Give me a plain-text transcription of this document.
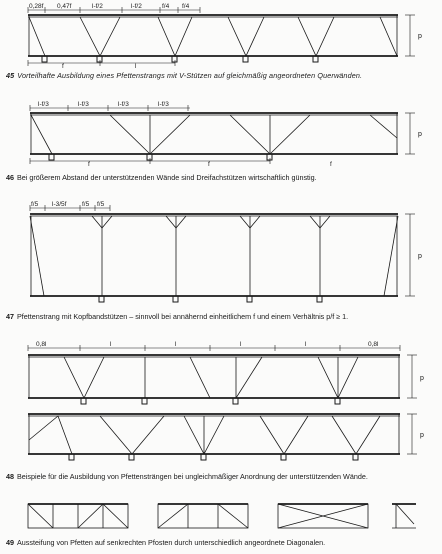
0,28f 0,47f	l-f/2	l-f/2	f/4 f/4
f	l
p
45 Vorteilhafte Ausbildung eines Pfettenstrangs mit V-Stützen auf gleichmäßig angeordneten Querwänden.
l-f/3	l-f/3	l-f/3	l-f/3
f	f	f
p
46 Bei größerem Abstand der unterstützenden Wände sind Dreifachstützen wirtschaftlich günstig.
f/5 l-3/5f f/5 f/5
p
47 Pfettenstrang mit Kopfbandstützen – sinnvoll bei annähernd einheitlichem f und einem Verhältnis p/f ≥ 1.
0,8l	l	l	l	l	0,8l
p
p
48 Beispiele für die Ausbildung von Pfettensträngen bei ungleichmäßiger Anordnung der unterstützenden Wände.
49 Aussteifung von Pfetten auf senkrechten Pfosten durch unterschiedlich angeordnete Diagonalen.
